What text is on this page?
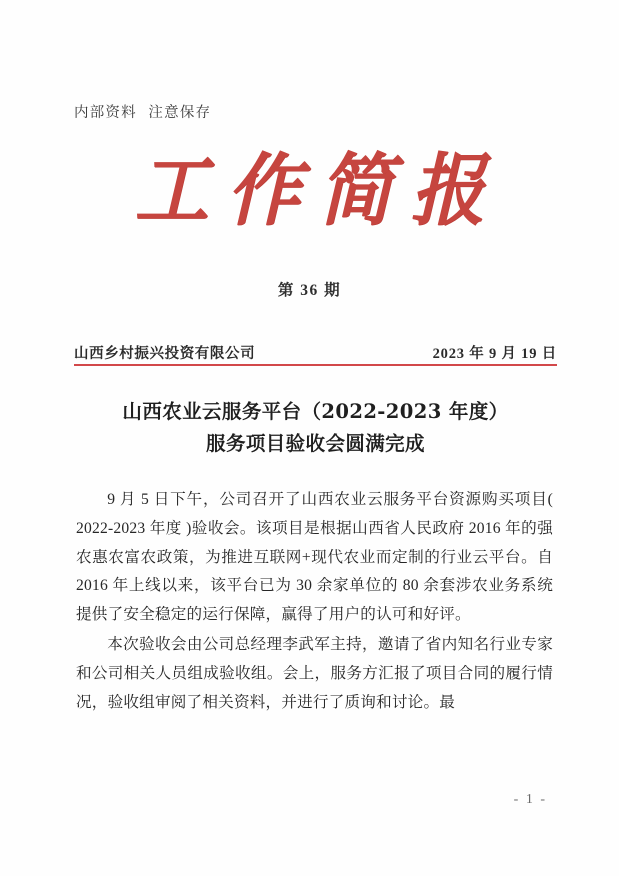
内部资料  注意保存
工作简报
第 36 期
山西乡村振兴投资有限公司	2023 年 9 月 19 日
山西农业云服务平台（2022-2023 年度）
服务项目验收会圆满完成

9 月 5 日下午，公司召开了山西农业云服务平台资源购买项目( 2022-2023 年度 )验收会。该项目是根据山西省人民政府 2016 年的强农惠农富农政策，为推进互联网+现代农业而定制的行业云平台。自 2016 年上线以来，该平台已为 30 余家单位的 80 余套涉农业务系统提供了安全稳定的运行保障，赢得了用户的认可和好评。

本次验收会由公司总经理李武军主持，邀请了省内知名行业专家和公司相关人员组成验收组。会上，服务方汇报了项目合同的履行情况，验收组审阅了相关资料，并进行了质询和讨论。最

- 1 -
